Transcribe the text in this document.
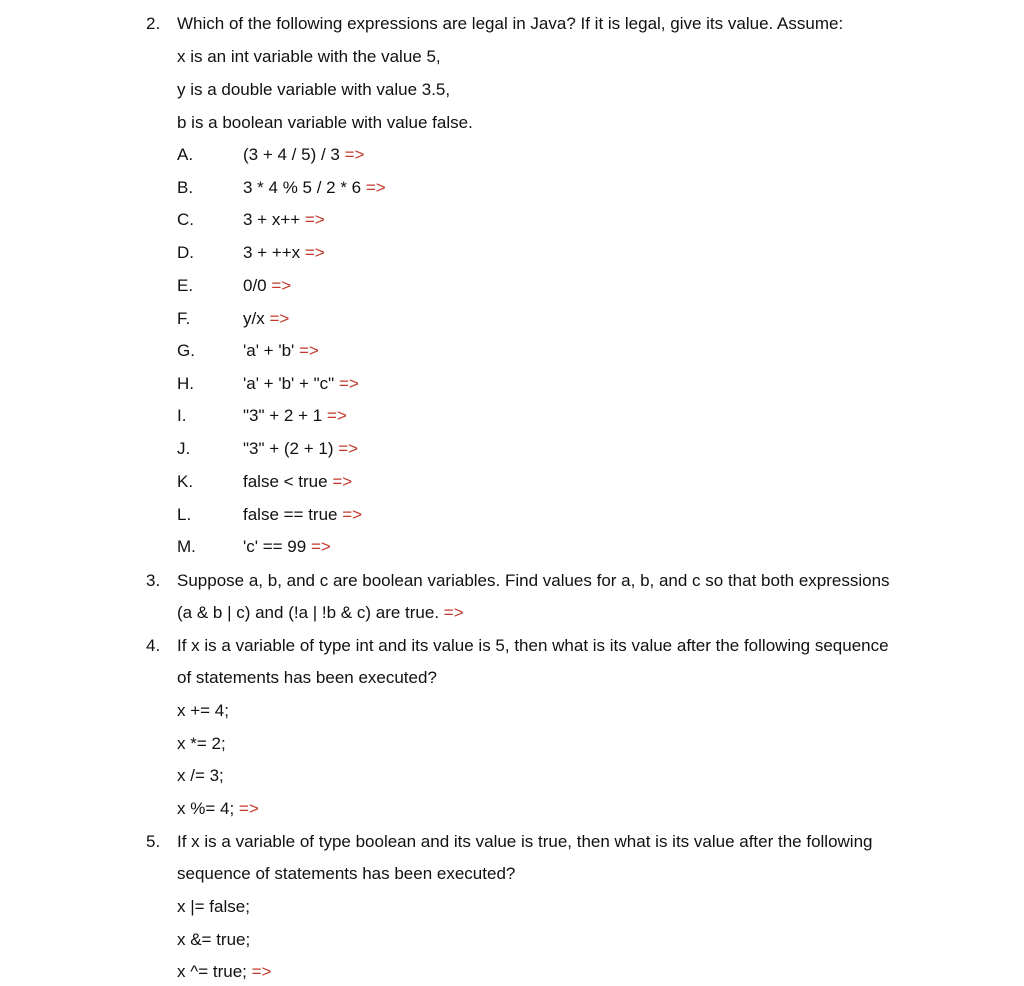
2. Which of the following expressions are legal in Java? If it is legal, give its value. Assume:
x is an int variable with the value 5,
y is a double variable with value 3.5,
b is a boolean variable with value false.
A.	(3 + 4 / 5) / 3 =>
B.	3 * 4 % 5 / 2 * 6 =>
C.	3 + x++ =>
D.	3 + ++x =>
E.	0/0 =>
F.	y/x =>
G.	'a' + 'b' =>
H.	'a' + 'b' + "c" =>
I.	"3" + 2 + 1 =>
J.	"3" + (2 + 1) =>
K.	false < true =>
L.	false == true =>
M.	'c' == 99 =>
3. Suppose a, b, and c are boolean variables. Find values for a, b, and c so that both expressions
(a & b | c) and (!a | !b & c) are true. =>
4. If x is a variable of type int and its value is 5, then what is its value after the following sequence
of statements has been executed?
x += 4;
x *= 2;
x /= 3;
x %= 4; =>
5. If x is a variable of type boolean and its value is true, then what is its value after the following
sequence of statements has been executed?
x |= false;
x &= true;
x ^= true; =>
